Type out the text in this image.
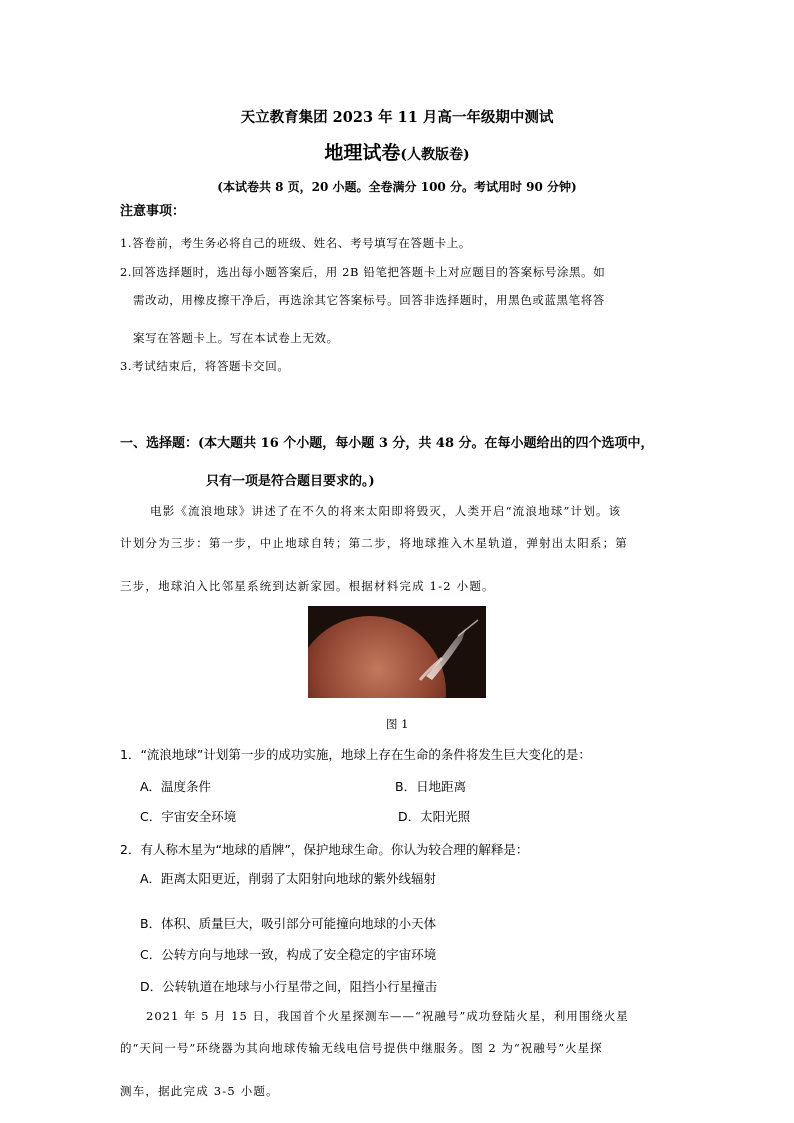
天立教育集团 2023 年 11 月高一年级期中测试
地理试卷(人教版卷)
(本试卷共 8 页，20 小题。全卷满分 100 分。考试用时 90 分钟)
注意事项：
1.答卷前，考生务必将自己的班级、姓名、考号填写在答题卡上。
2.回答选择题时，选出每小题答案后，用 2B 铅笔把答题卡上对应题目的答案标号涂黑。如
需改动，用橡皮擦干净后，再选涂其它答案标号。回答非选择题时，用黑色或蓝黑笔将答
案写在答题卡上。写在本试卷上无效。
3.考试结束后，将答题卡交回。
一、选择题：(本大题共 16 个小题，每小题 3 分，共 48 分。在每小题给出的四个选项中，
只有一项是符合题目要求的。)
电影《流浪地球》讲述了在不久的将来太阳即将毁灭，人类开启“流浪地球”计划。该
计划分为三步：第一步，中止地球自转；第二步，将地球推入木星轨道，弹射出太阳系；第
三步，地球泊入比邻星系统到达新家园。根据材料完成 1-2 小题。
图 1
1．“流浪地球”计划第一步的成功实施，地球上存在生命的条件将发生巨大变化的是：
A．温度条件	B．日地距离
C．宇宙安全环境	D．太阳光照
2．有人称木星为“地球的盾牌”，保护地球生命。你认为较合理的解释是：
A．距离太阳更近，削弱了太阳射向地球的紫外线辐射
B．体积、质量巨大，吸引部分可能撞向地球的小天体
C．公转方向与地球一致，构成了安全稳定的宇宙环境
D．公转轨道在地球与小行星带之间，阻挡小行星撞击
2021 年 5 月 15 日，我国首个火星探测车——“祝融号”成功登陆火星，利用围绕火星
的“天问一号”环绕器为其向地球传输无线电信号提供中继服务。图 2 为“祝融号”火星探
测车，据此完成 3-5 小题。
